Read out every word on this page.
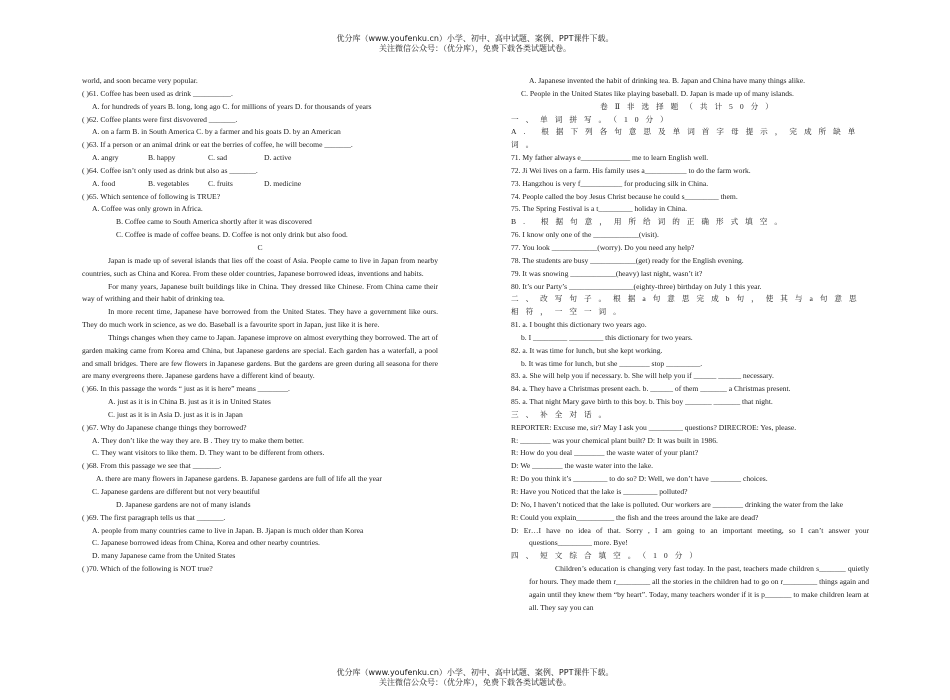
优分库（www.youfenku.cn）小学、初中、高中试题、案例、PPT课件下载。
关注微信公众号：（优分库），免费下载各类试题试卷。
world, and soon became very popular.
( )61. Coffee has been used as drink __________.
A. for hundreds of years B. long, long ago C. for millions of years D. for thousands of years
( )62. Coffee plants were first disvovered _______.
A. on a farm B. in South America C. by a farmer and his goats D. by an American
( )63. If a person or an animal drink or eat the berries of coffee, he will become _______.
A. angry	B. happy	C. sad	D. active
( )64. Coffee isn’t only used as drink but also as _______.
A. food	B. vegetables	C. fruits	D. medicine
( )65. Which sentence of following is TRUE?
A. Coffee was only grown in Africa.
B. Coffee came to South America shortly after it was discovered
C. Coffee is made of coffee beans. D. Coffee is not only drink but also food.
C
Japan is made up of several islands that lies off the coast of Asia. People came to live in Japan from nearby countries, such as China and Korea. From these older countries, Japanese borrowed ideas, inventions and habits.
For many years, Japanese built buildings like in China. They dressed like Chinese. From China came their way of writhing and their habit of drinking tea.
In more recent time, Japanese have borrowed from the United States. They have a government like ours. They do much work in science, as we do. Baseball is a favourite sport in Japan, just like it is here.
Things changes when they came to Japan. Japanese improve on almost everything they borrowed. The art of garden making came from Korea amd China, but Japanese gardens are special. Each garden has a waterfall, a pool and small bridges. There are few flowers in Japanese gardens. But the gardens are green during all seasona for there are many evergreens there. Japanese gardens have a different kind of beauty.
( )66. In this passage the words “ just as it is here” means ________.
A. just as it is in China B. just as it is in United States
C. just as it is in Asia D. just as it is in Japan
( )67. Why do Japanese change things they borrowed?
A. They don’t like the way they are. B . They try to make them better.
C. They want visitors to like them. D. They want to be different from others.
( )68. From this passage we see that _______.
A. there are many flowers in Japanese gardens. B. Japanese gardens are full of life all the year
C. Japanese gardens are different but not very beautiful
D. Japanese gardens are not of many islands
( )69. The first paragraph tells us that _______.
A. people from many countries came to live in Japan. B. Jjapan is much older than Korea
C. Japanese borrowed ideas from China, Korea and other nearby countries.
D. many Japanese came from the United States
( )70. Which of the following is NOT true?
A. Japanese invented the habit of drinking tea. B. Japan and China have many things alike.
C. People in the United States like playing baseball. D. Japan is made up of many islands.
卷Ⅱ非选择题（共计50分）
一、单词拼写。（10分）
A. 根据下列各句意思及单词首字母提示，完成所缺单词。
71. My father always e_____________ me to learn English well.
72. Ji Wei lives on a farm. His family uses a___________ to do the farm work.
73. Hangzhou is very f___________ for producing silk in China.
74. People called the boy Jesus Christ because he could s_________ them.
75. The Spring Festival is a t_________ holiday in China.
B. 根据句意，用所给词的正确形式填空。
76. I know only one of the ____________(visit).
77. You look ____________(worry). Do you need any help?
78. The students are busy ____________(get) ready for the English evening.
79. It was snowing ____________(heavy) last night, wasn’t it?
80. It’s our Party’s _________________(eighty-three) birthday on July 1 this year.
二、改写句子。根据a句意思完成b句，使其与a句意思相符，一空一词。
81. a. I bought this dictionary two years ago.
b. I _________ _________ this dictionary for two years.
82. a. It was time for lunch, but she kept working.
b. It was time for lunch, but she ________ stop _________.
83. a. She will help you if necessary. b. She will help you if ______ ______ necessary.
84. a. They have a Christmas present each. b. ______ of them _______ a Christmas present.
85. a. That night Mary gave birth to this boy. b. This boy _______ _______ that night.
三、补全对话。
REPORTER: Excuse me, sir? May I ask you _________ questions? DIRECROE: Yes, please.
R: ________ was your chemical plant built? D: It was built in 1986.
R: How do you deal ________ the waste water of your plant?
D: We ________ the waste water into the lake.
R: Do you think it’s _________ to do so? D: Well, we don’t have ________ choices.
R: Have you Noticed that the lake is _________ polluted?
D: No, I haven’t noticed that the lake is polluted. Our workers are ________ drinking the water from the lake
R: Could you explain__________ the fish and the trees around the lake are dead?
D: Er…I have no idea of that. Sorry , I am going to an important meeting, so I can’t answer your questions_________ more. Bye!
四、短文综合填空。（10分）
Children’s education is changing very fast today. In the past, teachers made children s_______ quietly for hours. They made them r_________ all the stories in the children had to go on r_________ things again and again until they knew them “by heart”. Today, many teachers wonder if it is p_______ to make children learn at all. They say you can
优分库（www.youfenku.cn）小学、初中、高中试题、案例、PPT课件下载。
关注微信公众号：（优分库），免费下载各类试题试卷。
